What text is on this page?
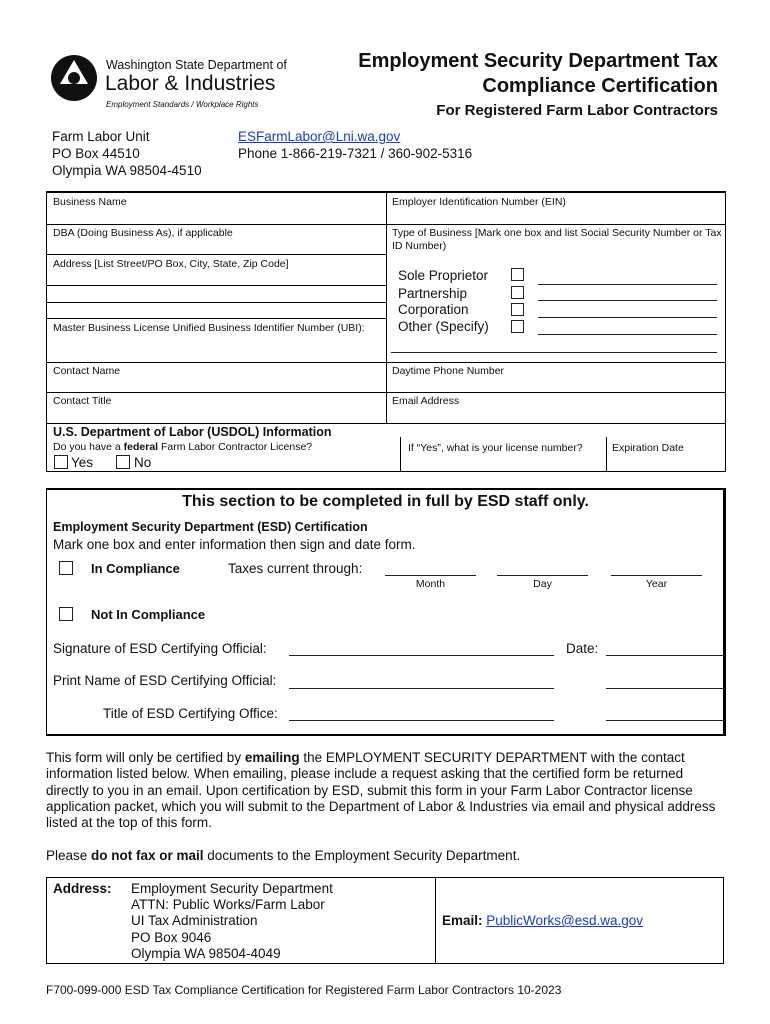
Washington State Department of
Labor & Industries
Employment Standards / Workplace Rights
Employment Security Department Tax
Compliance Certification
For Registered Farm Labor Contractors
Farm Labor Unit
PO Box 44510
Olympia WA 98504-4510
ESFarmLabor@Lni.wa.gov
Phone 1-866-219-7321 / 360-902-5316
Business Name	Employer Identification Number (EIN)
DBA (Doing Business As), if applicable	Type of Business [Mark one box and list Social Security Number or Tax ID Number)
Address [List Street/PO Box, City, State, Zip Code]
Master Business License Unified Business Identifier Number (UBI):
Sole Proprietor
Partnership
Corporation
Other (Specify)
Contact Name	Daytime Phone Number
Contact Title	Email Address
U.S. Department of Labor (USDOL) Information
Do you have a federal Farm Labor Contractor License?
Yes	No
If “Yes”, what is your license number?	Expiration Date
This section to be completed in full by ESD staff only.
Employment Security Department (ESD) Certification
Mark one box and enter information then sign and date form.
In Compliance	Taxes current through:
Month	Day	Year
Not In Compliance
Signature of ESD Certifying Official:	Date:
Print Name of ESD Certifying Official:
Title of ESD Certifying Office:
This form will only be certified by emailing the EMPLOYMENT SECURITY DEPARTMENT with the contact information listed below. When emailing, please include a request asking that the certified form be returned directly to you in an email. Upon certification by ESD, submit this form in your Farm Labor Contractor license application packet, which you will submit to the Department of Labor & Industries via email and physical address listed at the top of this form.
Please do not fax or mail documents to the Employment Security Department.
Address: Employment Security Department
ATTN: Public Works/Farm Labor
UI Tax Administration
PO Box 9046
Olympia WA 98504-4049
Email: PublicWorks@esd.wa.gov
F700-099-000 ESD Tax Compliance Certification for Registered Farm Labor Contractors 10-2023
